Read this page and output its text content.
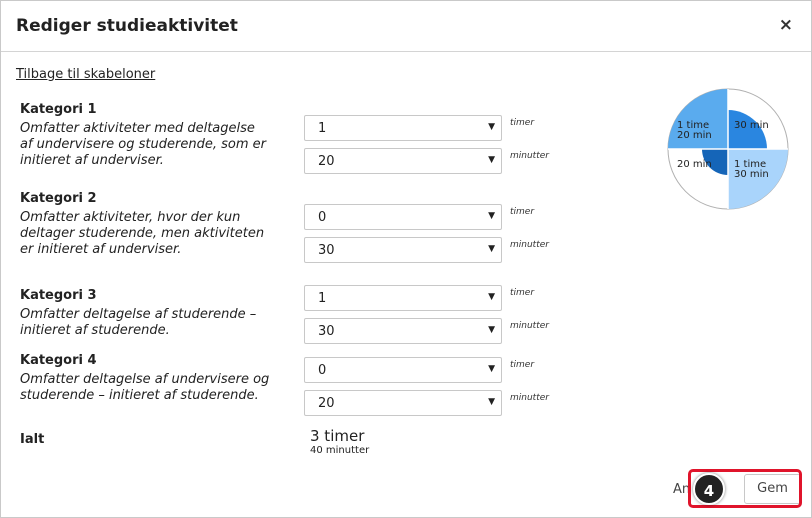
Rediger studieaktivitet	×
Tilbage til skabeloner
Kategori 1
Omfatter aktiviteter med deltagelse af undervisere og studerende, som er initieret af underviser.
1	▼ timer
20	▼ minutter
Kategori 2
Omfatter aktiviteter, hvor der kun deltager studerende, men aktiviteten er initieret af underviser.
0	▼ timer
30	▼ minutter
Kategori 3
Omfatter deltagelse af studerende – initieret af studerende.
1	▼ timer
30	▼ minutter
Kategori 4
Omfatter deltagelse af undervisere og studerende – initieret af studerende.
0	▼ timer
20	▼ minutter
Ialt	3 timer
40 minutter
1 time
20 min
30 min
20 min 1 time
30 min
An	Gem
4
